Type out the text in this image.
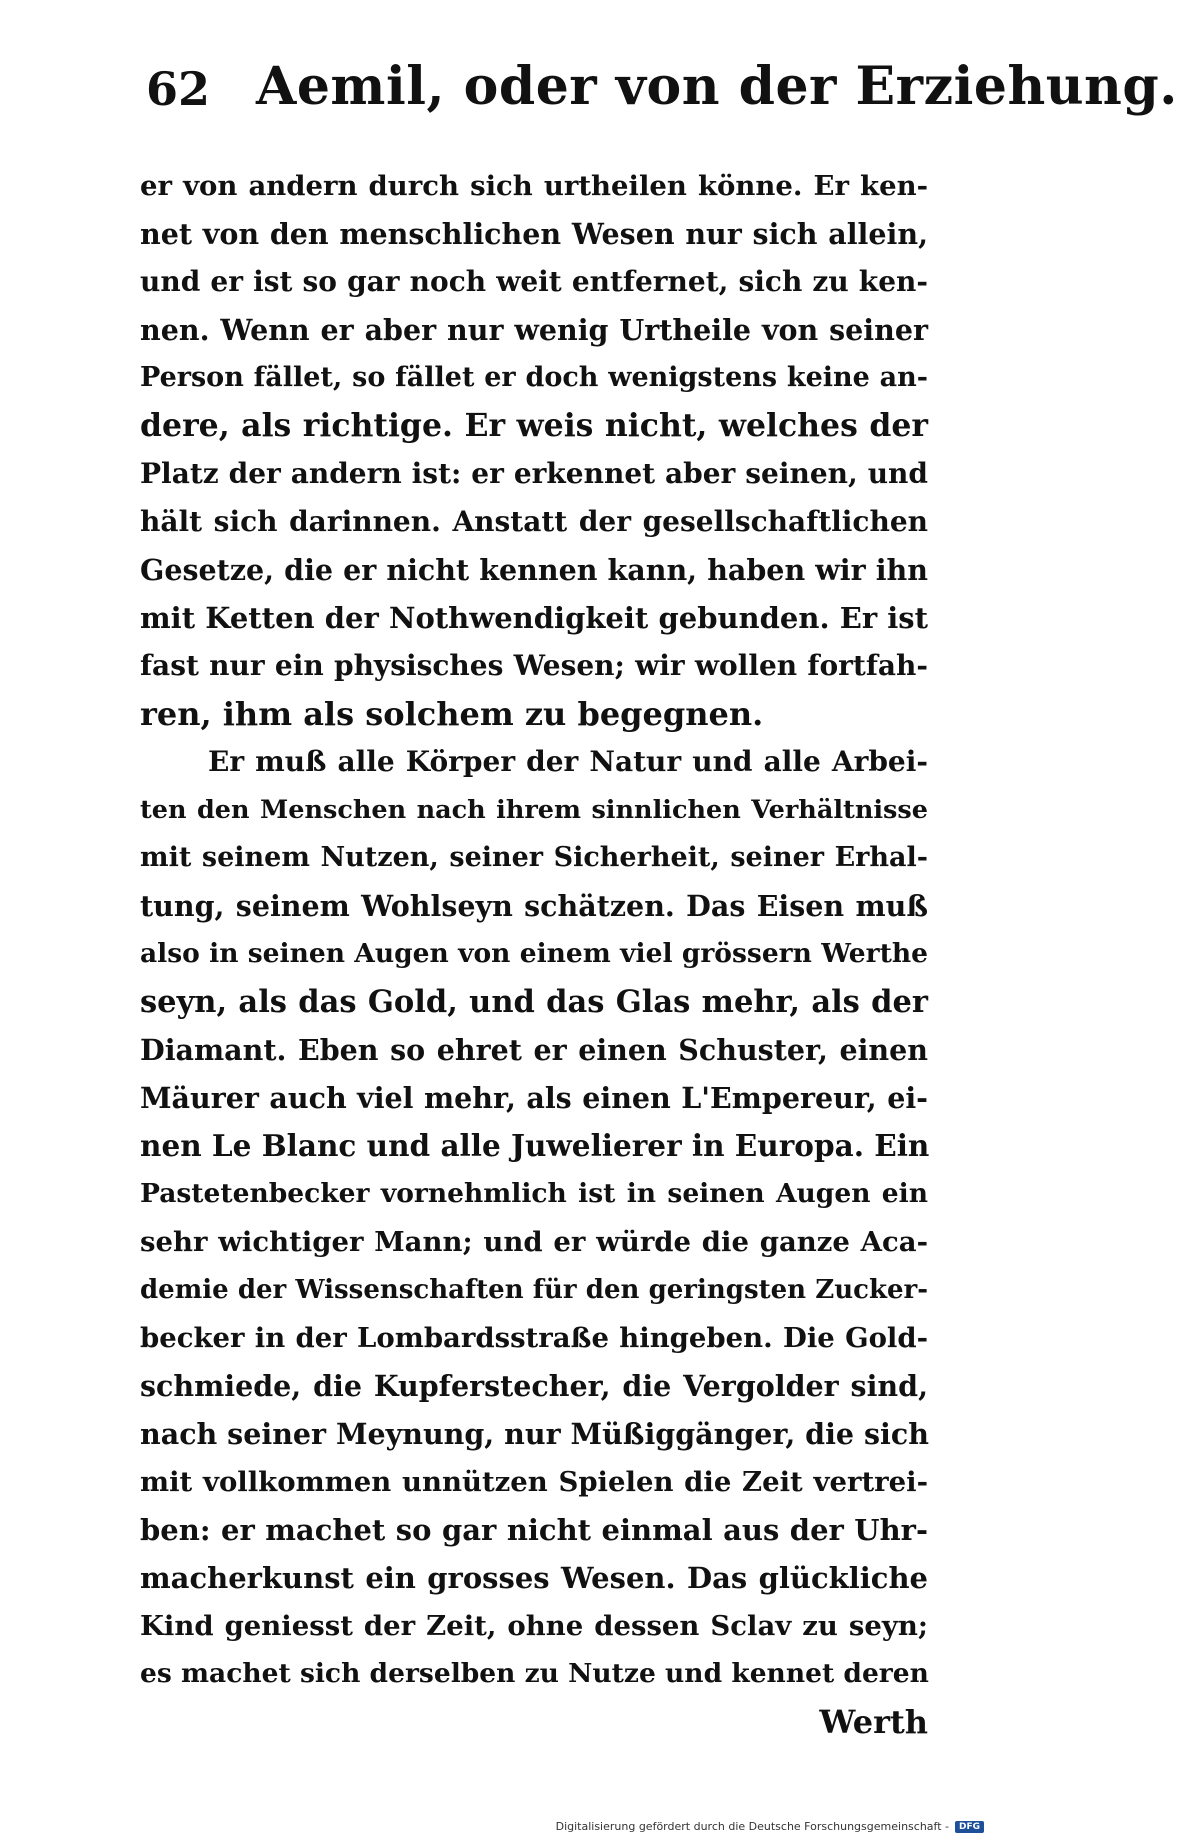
62 Aemil, oder von der Erziehung.
er von andern durch sich urtheilen könne. Er ken-
net von den menschlichen Wesen nur sich allein,
und er ist so gar noch weit entfernet, sich zu ken-
nen. Wenn er aber nur wenig Urtheile von seiner
Person fället, so fället er doch wenigstens keine an-
dere, als richtige. Er weis nicht, welches der
Platz der andern ist: er erkennet aber seinen, und
hält sich darinnen. Anstatt der gesellschaftlichen
Gesetze, die er nicht kennen kann, haben wir ihn
mit Ketten der Nothwendigkeit gebunden. Er ist
fast nur ein physisches Wesen; wir wollen fortfah-
ren, ihm als solchem zu begegnen.
Er muß alle Körper der Natur und alle Arbei-
ten den Menschen nach ihrem sinnlichen Verhältnisse
mit seinem Nutzen, seiner Sicherheit, seiner Erhal-
tung, seinem Wohlseyn schätzen. Das Eisen muß
also in seinen Augen von einem viel grössern Werthe
seyn, als das Gold, und das Glas mehr, als der
Diamant. Eben so ehret er einen Schuster, einen
Mäurer auch viel mehr, als einen L'Empereur, ei-
nen Le Blanc und alle Juwelierer in Europa. Ein
Pastetenbecker vornehmlich ist in seinen Augen ein
sehr wichtiger Mann; und er würde die ganze Aca-
demie der Wissenschaften für den geringsten Zucker-
becker in der Lombardsstraße hingeben. Die Gold-
schmiede, die Kupferstecher, die Vergolder sind,
nach seiner Meynung, nur Müßiggänger, die sich
mit vollkommen unnützen Spielen die Zeit vertrei-
ben: er machet so gar nicht einmal aus der Uhr-
macherkunst ein grosses Wesen. Das glückliche
Kind geniesst der Zeit, ohne dessen Sclav zu seyn;
es machet sich derselben zu Nutze und kennet deren
Werth
Digitalisierung gefördert durch die Deutsche Forschungsgemeinschaft -	DFG
